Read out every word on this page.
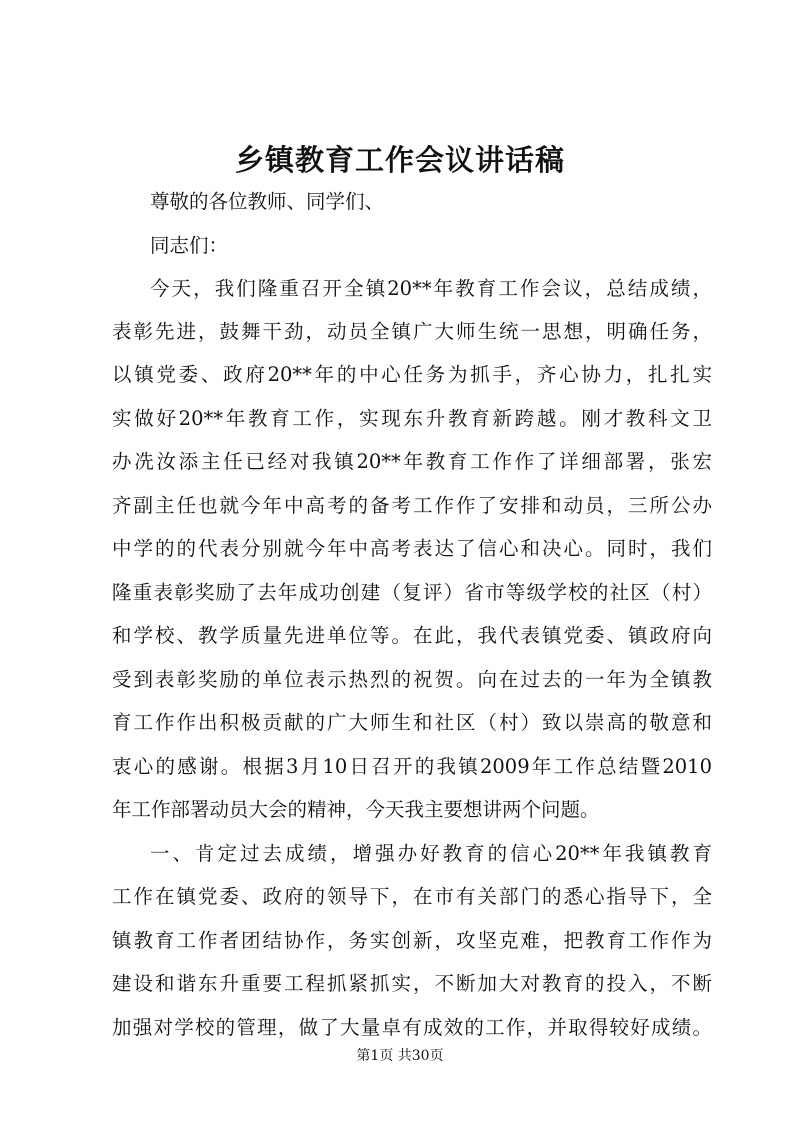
乡镇教育工作会议讲话稿
尊敬的各位教师、同学们、
同志们：
今天，我们隆重召开全镇20**年教育工作会议，总结成绩，
表彰先进，鼓舞干劲，动员全镇广大师生统一思想，明确任务，
以镇党委、政府20**年的中心任务为抓手，齐心协力，扎扎实
实做好20**年教育工作，实现东升教育新跨越。刚才教科文卫
办冼汝添主任已经对我镇20**年教育工作作了详细部署，张宏
齐副主任也就今年中高考的备考工作作了安排和动员，三所公办
中学的的代表分别就今年中高考表达了信心和决心。同时，我们
隆重表彰奖励了去年成功创建（复评）省市等级学校的社区（村）
和学校、教学质量先进单位等。在此，我代表镇党委、镇政府向
受到表彰奖励的单位表示热烈的祝贺。向在过去的一年为全镇教
育工作作出积极贡献的广大师生和社区（村）致以崇高的敬意和
衷心的感谢。根据3月10日召开的我镇2009年工作总结暨2010
年工作部署动员大会的精神，今天我主要想讲两个问题。
一、肯定过去成绩，增强办好教育的信心20**年我镇教育
工作在镇党委、政府的领导下，在市有关部门的悉心指导下，全
镇教育工作者团结协作，务实创新，攻坚克难，把教育工作作为
建设和谐东升重要工程抓紧抓实，不断加大对教育的投入，不断
加强对学校的管理，做了大量卓有成效的工作，并取得较好成绩。
第1页 共30页
